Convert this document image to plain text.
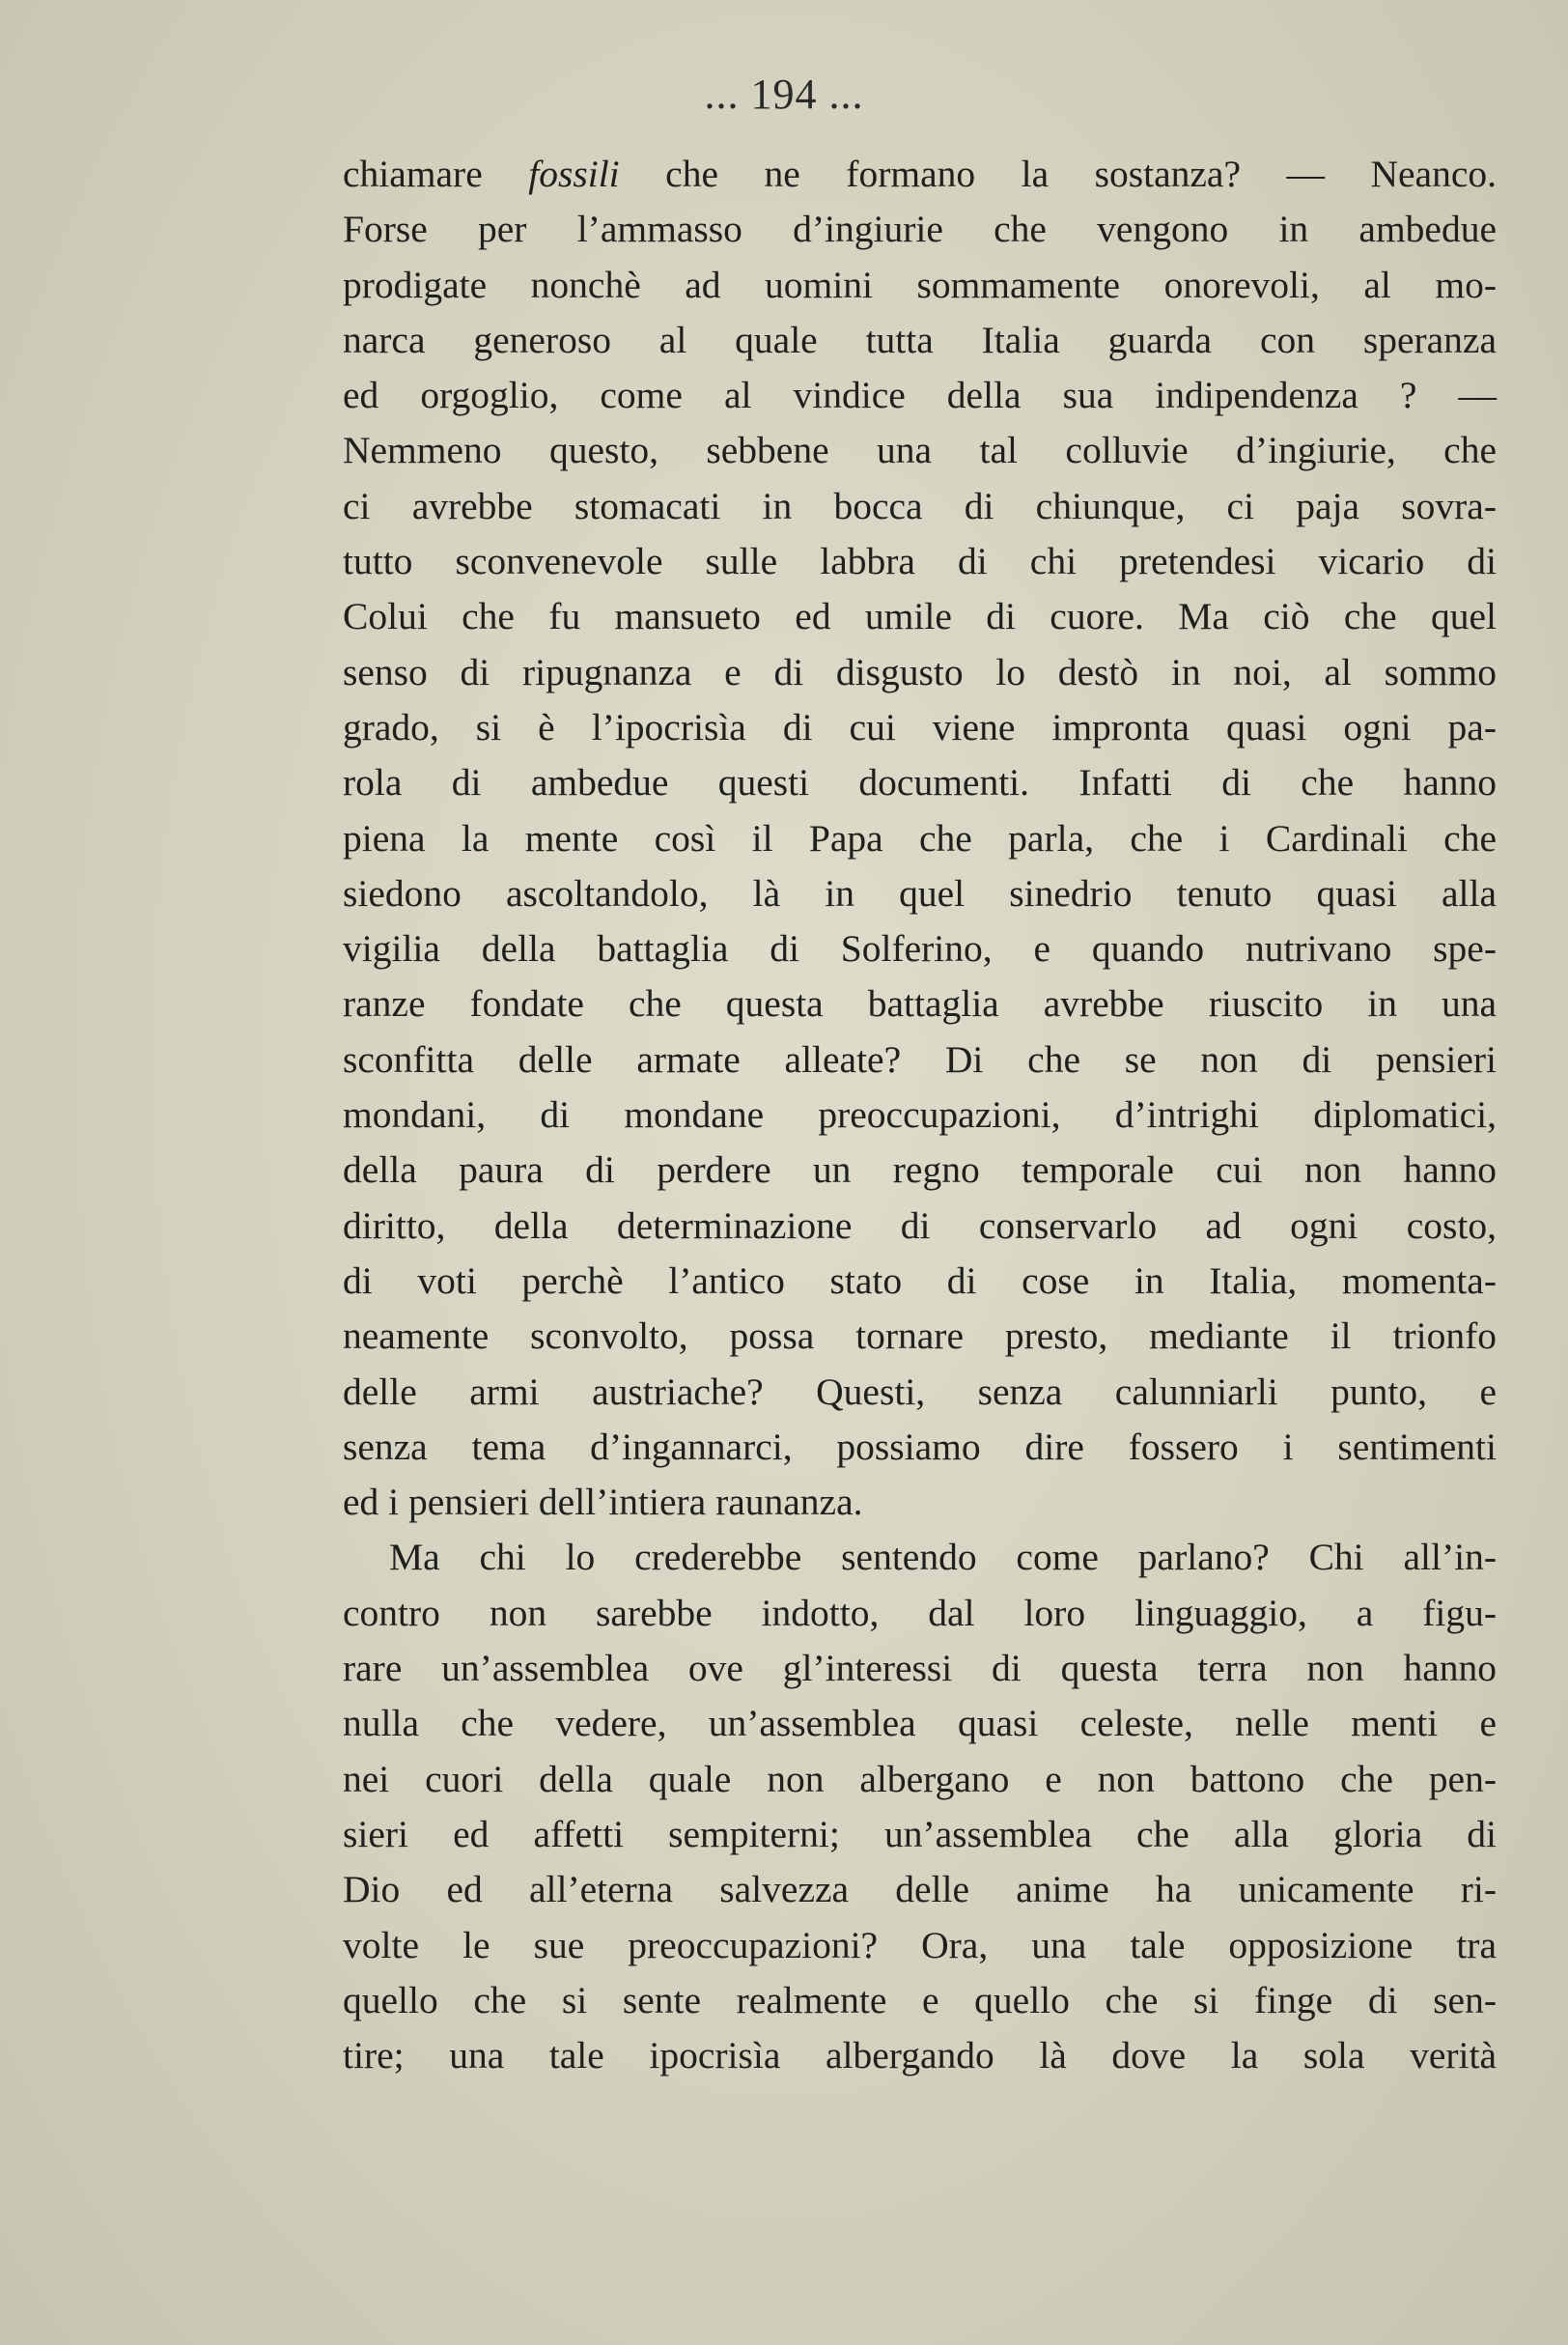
... 194 ...
chiamare fossili che ne formano la sostanza? — Neanco.
Forse per l’ammasso d’ingiurie che vengono in ambedue
prodigate nonchè ad uomini sommamente onorevoli, al mo-
narca generoso al quale tutta Italia guarda con speranza
ed orgoglio, come al vindice della sua indipendenza ? —
Nemmeno questo, sebbene una tal colluvie d’ingiurie, che
ci avrebbe stomacati in bocca di chiunque, ci paja sovra-
tutto sconvenevole sulle labbra di chi pretendesi vicario di
Colui che fu mansueto ed umile di cuore. Ma ciò che quel
senso di ripugnanza e di disgusto lo destò in noi, al sommo
grado, si è l’ipocrisìa di cui viene impronta quasi ogni pa-
rola di ambedue questi documenti. Infatti di che hanno
piena la mente così il Papa che parla, che i Cardinali che
siedono ascoltandolo, là in quel sinedrio tenuto quasi alla
vigilia della battaglia di Solferino, e quando nutrivano spe-
ranze fondate che questa battaglia avrebbe riuscito in una
sconfitta delle armate alleate? Di che se non di pensieri
mondani, di mondane preoccupazioni, d’intrighi diplomatici,
della paura di perdere un regno temporale cui non hanno
diritto, della determinazione di conservarlo ad ogni costo,
di voti perchè l’antico stato di cose in Italia, momenta-
neamente sconvolto, possa tornare presto, mediante il trionfo
delle armi austriache? Questi, senza calunniarli punto, e
senza tema d’ingannarci, possiamo dire fossero i sentimenti
ed i pensieri dell’intiera raunanza.
Ma chi lo crederebbe sentendo come parlano? Chi all’in-
contro non sarebbe indotto, dal loro linguaggio, a figu-
rare un’assemblea ove gl’interessi di questa terra non hanno
nulla che vedere, un’assemblea quasi celeste, nelle menti e
nei cuori della quale non albergano e non battono che pen-
sieri ed affetti sempiterni; un’assemblea che alla gloria di
Dio ed all’eterna salvezza delle anime ha unicamente ri-
volte le sue preoccupazioni? Ora, una tale opposizione tra
quello che si sente realmente e quello che si finge di sen-
tire; una tale ipocrisìa albergando là dove la sola verità
